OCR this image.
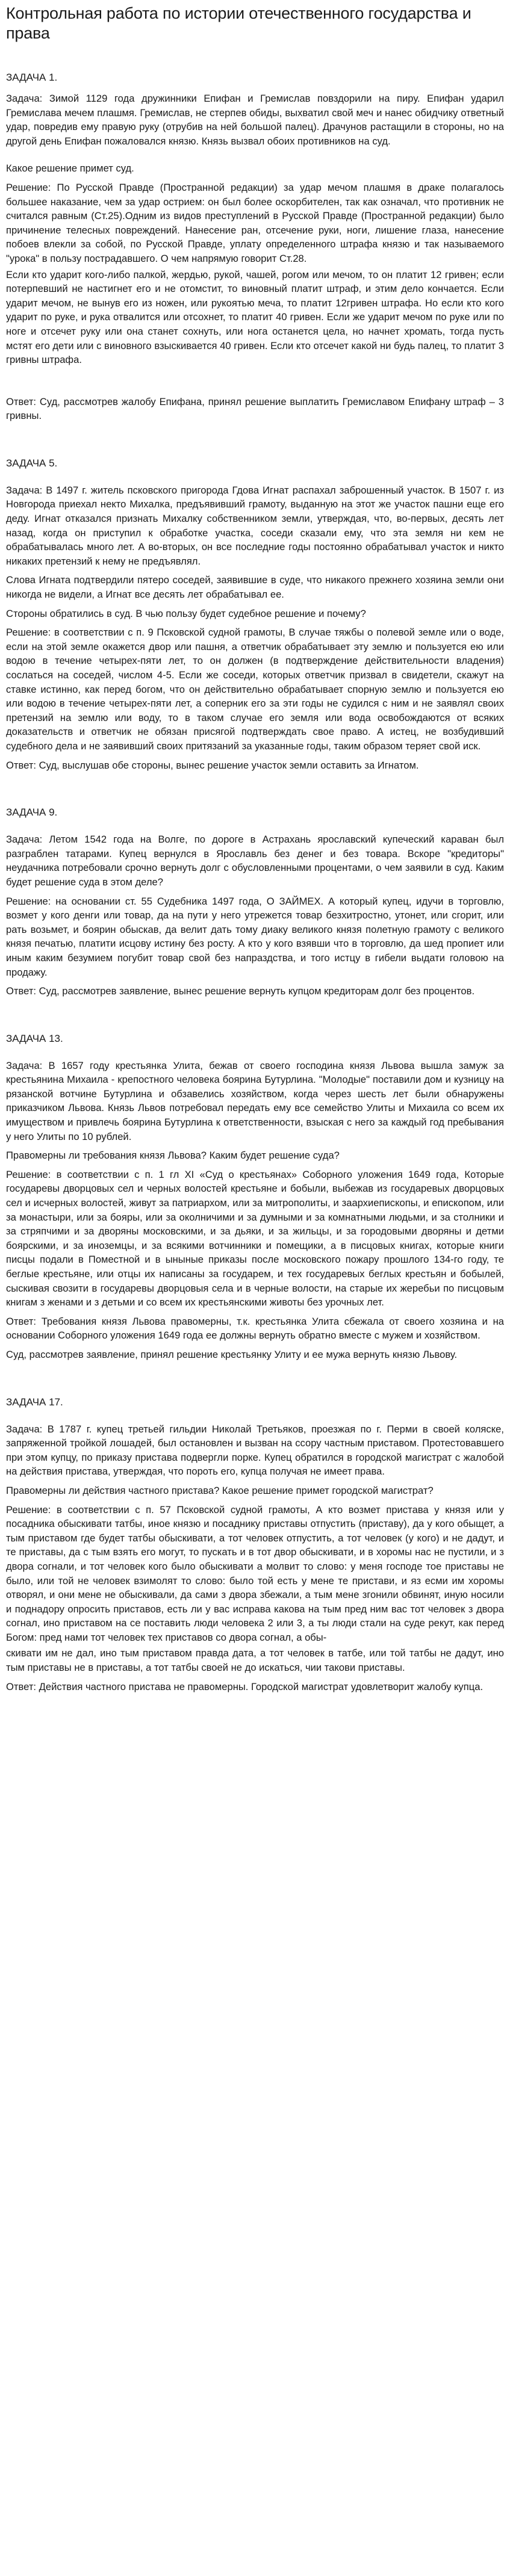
Контрольная работа по истории отечественного государства и права
ЗАДАЧА 1.

Задача: Зимой 1129 года дружинники Епифан и Гремислав повздорили на пиру. Епифан ударил Гремислава мечем плашмя. Гремислав, не стерпев обиды, выхватил свой меч и нанес обидчику ответный удар, повредив ему правую руку (отрубив на ней большой палец). Драчунов растащили в стороны, но на другой день Епифан пожаловался князю. Князь вызвал обоих противников на суд.

Какое решение примет суд.

Решение: По Русской Правде (Пространной редакции) за удар мечом плашмя в драке полагалось большее наказание, чем за удар острием: он был более оскорбителен, так как означал, что противник не считался равным (Ст.25).Одним из видов преступлений в Русской Правде (Пространной редакции) было причинение телесных повреждений. Нанесение ран, отсечение руки, ноги, лишение глаза, нанесение побоев влекли за собой, по Русской Правде, уплату определенного штрафа князю и так называемого "урока" в пользу пострадавшего. О чем напрямую говорит Ст.28.

Если кто ударит кого-либо палкой, жердью, рукой, чашей, рогом или мечом, то он платит 12 гривен; если потерпевший не настигнет его и не отомстит, то виновный платит штраф, и этим дело кончается. Если ударит мечом, не вынув его из ножен, или рукоятью меча, то платит 12гривен штрафа. Но если кто кого ударит по руке, и рука отвалится или отсохнет, то платит 40 гривен. Если же ударит мечом по руке или по ноге и отсечет руку или она станет сохнуть, или нога останется цела, но начнет хромать, тогда пусть мстят его дети или с виновного взыскивается 40 гривен. Если кто отсечет какой ни будь палец, то платит 3 гривны штрафа.

Ответ: Суд, рассмотрев жалобу Епифана, принял решение выплатить Гремиславом Епифану штраф – 3 гривны.

ЗАДАЧА 5.

Задача: В 1497 г. житель псковского пригорода Гдова Игнат распахал заброшенный участок. В 1507 г. из Новгорода приехал некто Михалка, предъявивший грамоту, выданную на этот же участок пашни еще его деду. Игнат отказался признать Михалку собственником земли, утверждая, что, во-первых, десять лет назад, когда он приступил к обработке участка, соседи сказали ему, что эта земля ни кем не обрабатывалась много лет. А во-вторых, он все последние годы постоянно обрабатывал участок и никто никаких претензий к нему не предъявлял.

Слова Игната подтвердили пятеро соседей, заявившие в суде, что никакого прежнего хозяина земли они никогда не видели, а Игнат все десять лет обрабатывал ее.

Стороны обратились в суд. В чью пользу будет судебное решение и почему?

Решение: в соответствии с п. 9 Псковской судной грамоты, В случае тяжбы о полевой земле или о воде, если на этой земле окажется двор или пашня, а ответчик обрабатывает эту землю и пользуется ею или водою в течение четырех-пяти лет, то он должен (в подтверждение действительности владения) сослаться на соседей, числом 4-5. Если же соседи, которых ответчик призвал в свидетели, скажут на ставке истинно, как перед богом, что он действительно обрабатывает спорную землю и пользуется ею или водою в течение четырех-пяти лет, а соперник его за эти годы не судился с ним и не заявлял своих претензий на землю или воду, то в таком случае его земля или вода освобождаются от всяких доказательств и ответчик не обязан присягой подтверждать свое право. А истец, не возбудивший судебного дела и не заявивший своих притязаний за указанные годы, таким образом теряет свой иск.

Ответ: Суд, выслушав обе стороны, вынес решение участок земли оставить за Игнатом.

ЗАДАЧА 9.

Задача: Летом 1542 года на Волге, по дороге в Астрахань ярославский купеческий караван был разграблен татарами. Купец вернулся в Ярославль без денег и без товара. Вскоре "кредиторы" неудачника потребовали срочно вернуть долг с обусловленными процентами, о чем заявили в суд. Каким будет решение суда в этом деле?

Решение: на основании ст. 55 Судебника 1497 года, О ЗАЙМЕХ. А который купец, идучи в торговлю, возмет у кого денги или товар, да на пути у него утрежется товар безхитростно, утонет, или сгорит, или рать возьмет, и боярин обыскав, да велит дать тому диаку великого князя полетную грамоту с великого князя печатью, платити исцову истину без росту. А кто у кого взявши что в торговлю, да шед пропиет или иным каким безумием погубит товар свой без напраздства, и того истцу в гибели выдати головою на продажу.

Ответ: Суд, рассмотрев заявление, вынес решение вернуть купцом кредиторам долг без процентов.

ЗАДАЧА 13.

Задача: В 1657 году крестьянка Улита, бежав от своего господина князя Львова вышла замуж за крестьянина Михаила - крепостного человека боярина Бутурлина. "Молодые" поставили дом и кузницу на рязанской вотчине Бутурлина и обзавелись хозяйством, когда через шесть лет были обнаружены приказчиком Львова. Князь Львов потребовал передать ему все семейство Улиты и Михаила со всем их имуществом и привлечь боярина Бутурлина к ответственности, взыская с него за каждый год пребывания у него Улиты по 10 рублей.

Правомерны ли требования князя Львова? Каким будет решение суда?

Решение: в соответствии с п. 1 гл XI «Суд о крестьянах» Соборного уложения 1649 года, Которые государевы дворцовых сел и черных волостей крестьяне и бобыли, выбежав из государевых дворцовых сел и исчерных волостей, живут за патриархом, или за митрополиты, и заархиепископы, и епископом, или за монастыри, или за бояры, или за околничими и за думными и за комнатными людьми, и за столники и за стряпчими и за дворяны московскими, и за дьяки, и за жильцы, и за городовыми дворяны и детми боярскими, и за иноземцы, и за всякими вотчинники и помещики, а в писцовых книгах, которые книги писцы подали в Поместной и в ыныные приказы после московского пожару прошлого 134-го году, те беглые крестьяне, или отцы их написаны за государем, и тех государевых беглых крестьян и бобылей, сыскивая свозити в государевы дворцовыя села и в черные волости, на старые их жеребьи по писцовым книгам з женами и з детьми и со всем их крестьянскими животы без урочных лет.

Ответ: Требования князя Львова правомерны, т.к. крестьянка Улита сбежала от своего хозяина и на основании Соборного уложения 1649 года ее должны вернуть обратно вместе с мужем и хозяйством.

Суд, рассмотрев заявление, принял решение крестьянку Улиту и ее мужа вернуть князю Львову.

ЗАДАЧА 17.

Задача: В 1787 г. купец третьей гильдии Николай Третьяков, проезжая по г. Перми в своей коляске, запряженной тройкой лошадей, был остановлен и вызван на ссору частным приставом. Протестовавшего при этом купцу, по приказу пристава подвергли порке. Купец обратился в городской магистрат с жалобой на действия пристава, утверждая, что пороть его, купца получая не имеет права.

Правомерны ли действия частного пристава? Какое решение примет городской магистрат?

Решение: в соответствии с п. 57 Псковской судной грамоты, А кто возмет пристава у князя или у посадника обыскивати татбы, иное князю и посаднику приставы отпустить (приставу), да у кого обыщет, а тым приставом где будет татбы обыскивати, а тот человек отпустить, а тот человек (у кого) и не дадут, и те приставы, да с тым взять его могут, то пускать и в тот двор обыскивати, и в хоромы нас не пустили, и з двора согнали, и тот человек кого было обыскивати а молвит то слово: у меня господе тое приставы не было, или той не человек взимолят то слово: было той есть у мене те пристави, и яз есми им хоромы отворял, и они мене не обыскивали, да сами з двора збежали, а тым мене згонили обвинят, иную носили и поднадору опросить приставов, есть ли у вас исправа какова на тым пред ним вас тот человек з двора согнал, ино приставом на се поставить люди человека 2 или 3, а ты люди стали на суде рекут, как перед Богом: пред нами тот человек тех приставов со двора согнал, а обы-

скивати им не дал, ино тым приставом правда дата, а тот человек в татбе, или той татбы не дадут, ино тым приставы не в приставы, а тот татбы своей не до искаться, чии такови приставы.

Ответ: Действия частного пристава не правомерны. Городской магистрат удовлетворит жалобу купца.
